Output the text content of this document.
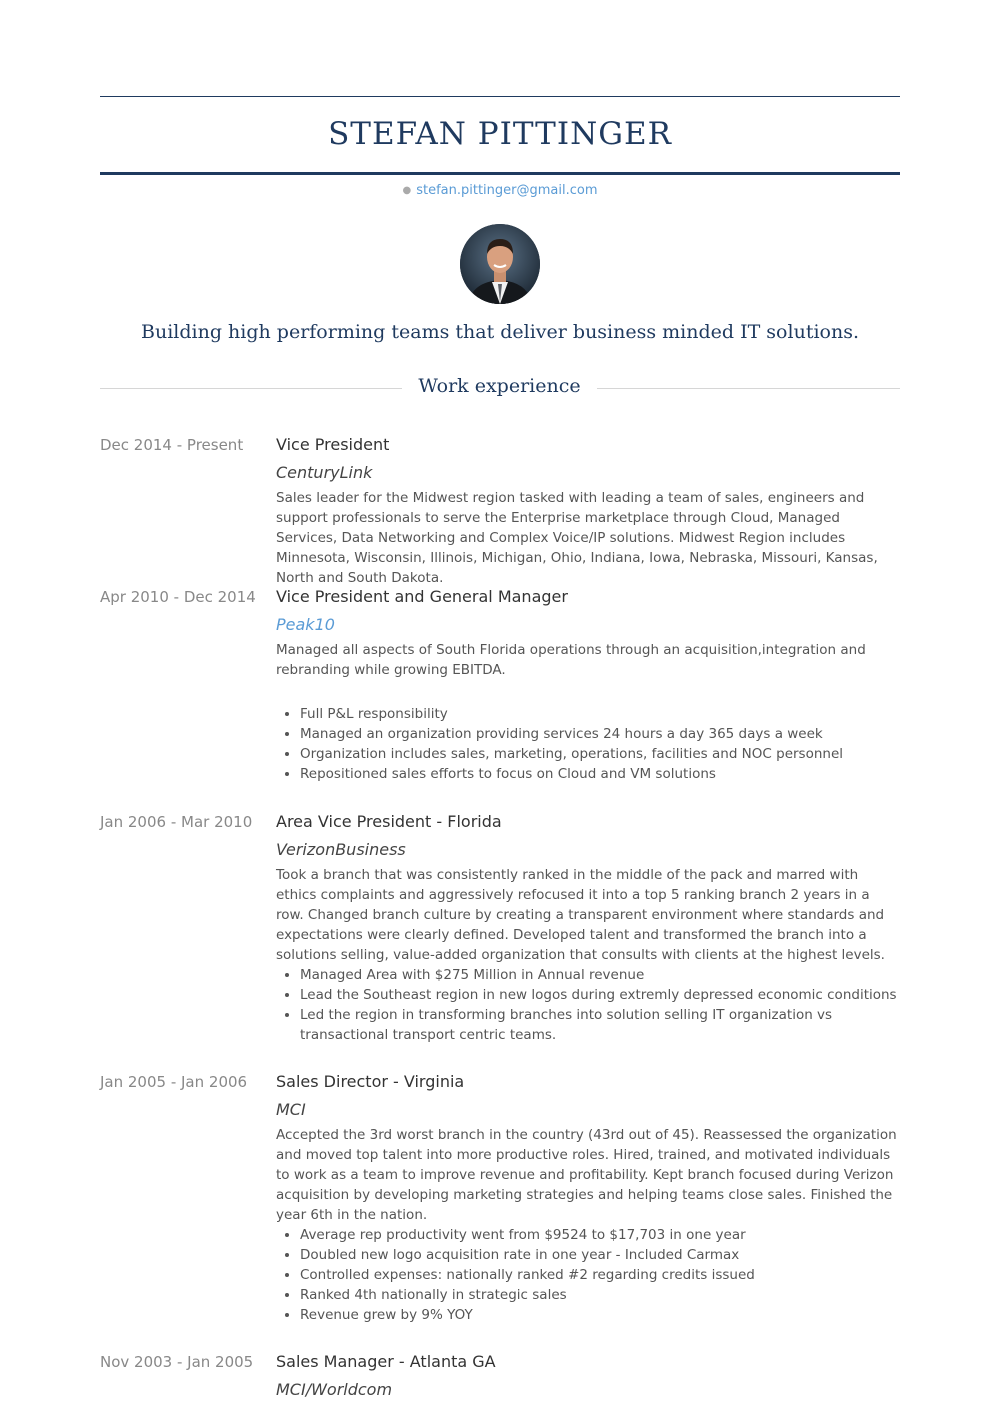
STEFAN PITTINGER
● stefan.pittinger@gmail.com
Building high performing teams that deliver business minded IT solutions.
Work experience
Dec 2014 - Present	Vice President
CenturyLink
Sales leader for the Midwest region tasked with leading a team of sales, engineers and support professionals to serve the Enterprise marketplace through Cloud, Managed Services, Data Networking and Complex Voice/IP solutions. Midwest Region includes Minnesota, Wisconsin, Illinois, Michigan, Ohio, Indiana, Iowa, Nebraska, Missouri, Kansas, North and South Dakota.
Apr 2010 - Dec 2014	Vice President and General Manager
Peak10
Managed all aspects of South Florida operations through an acquisition,integration and rebranding while growing EBITDA.
• Full P&L responsibility
• Managed an organization providing services 24 hours a day 365 days a week
• Organization includes sales, marketing, operations, facilities and NOC personnel
• Repositioned sales efforts to focus on Cloud and VM solutions
Jan 2006 - Mar 2010	Area Vice President - Florida
VerizonBusiness
Took a branch that was consistently ranked in the middle of the pack and marred with ethics complaints and aggressively refocused it into a top 5 ranking branch 2 years in a row. Changed branch culture by creating a transparent environment where standards and expectations were clearly defined. Developed talent and transformed the branch into a solutions selling, value-added organization that consults with clients at the highest levels.
• Managed Area with $275 Million in Annual revenue
• Lead the Southeast region in new logos during extremly depressed economic conditions
• Led the region in transforming branches into solution selling IT organization vs transactional transport centric teams.
Jan 2005 - Jan 2006	Sales Director - Virginia
MCI
Accepted the 3rd worst branch in the country (43rd out of 45). Reassessed the organization and moved top talent into more productive roles. Hired, trained, and motivated individuals to work as a team to improve revenue and profitability. Kept branch focused during Verizon acquisition by developing marketing strategies and helping teams close sales. Finished the year 6th in the nation.
• Average rep productivity went from $9524 to $17,703 in one year
• Doubled new logo acquisition rate in one year - Included Carmax
• Controlled expenses: nationally ranked #2 regarding credits issued
• Ranked 4th nationally in strategic sales
• Revenue grew by 9% YOY
Nov 2003 - Jan 2005	Sales Manager - Atlanta GA
MCI/Worldcom
